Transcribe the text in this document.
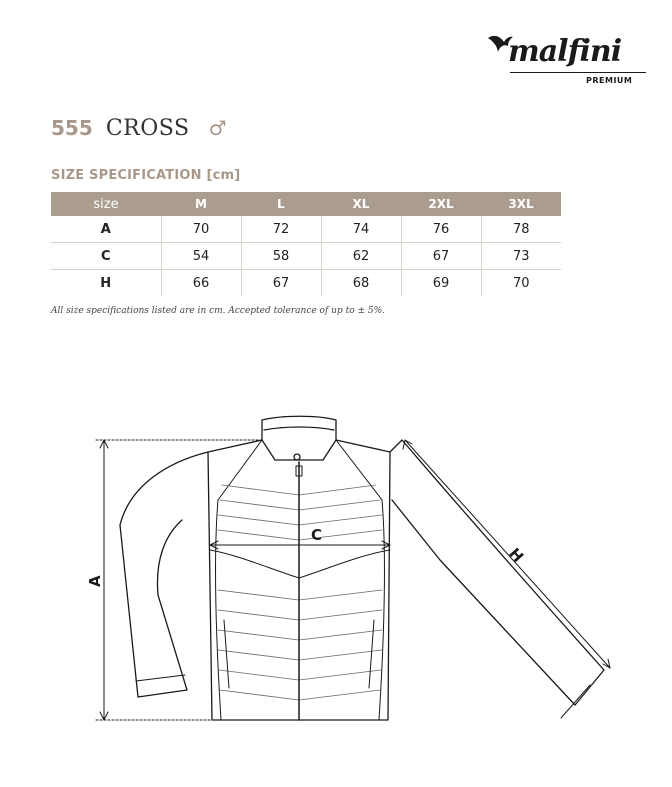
malfini
PREMIUM
555 CROSS ♂
SIZE SPECIFICATION [cm]
size	M	L	XL	2XL	3XL
A	70	72	74	76	78
C	54	58	62	67	73
H	66	67	68	69	70
All size specifications listed are in cm. Accepted tolerance of up to ± 5%.
A
C
H
